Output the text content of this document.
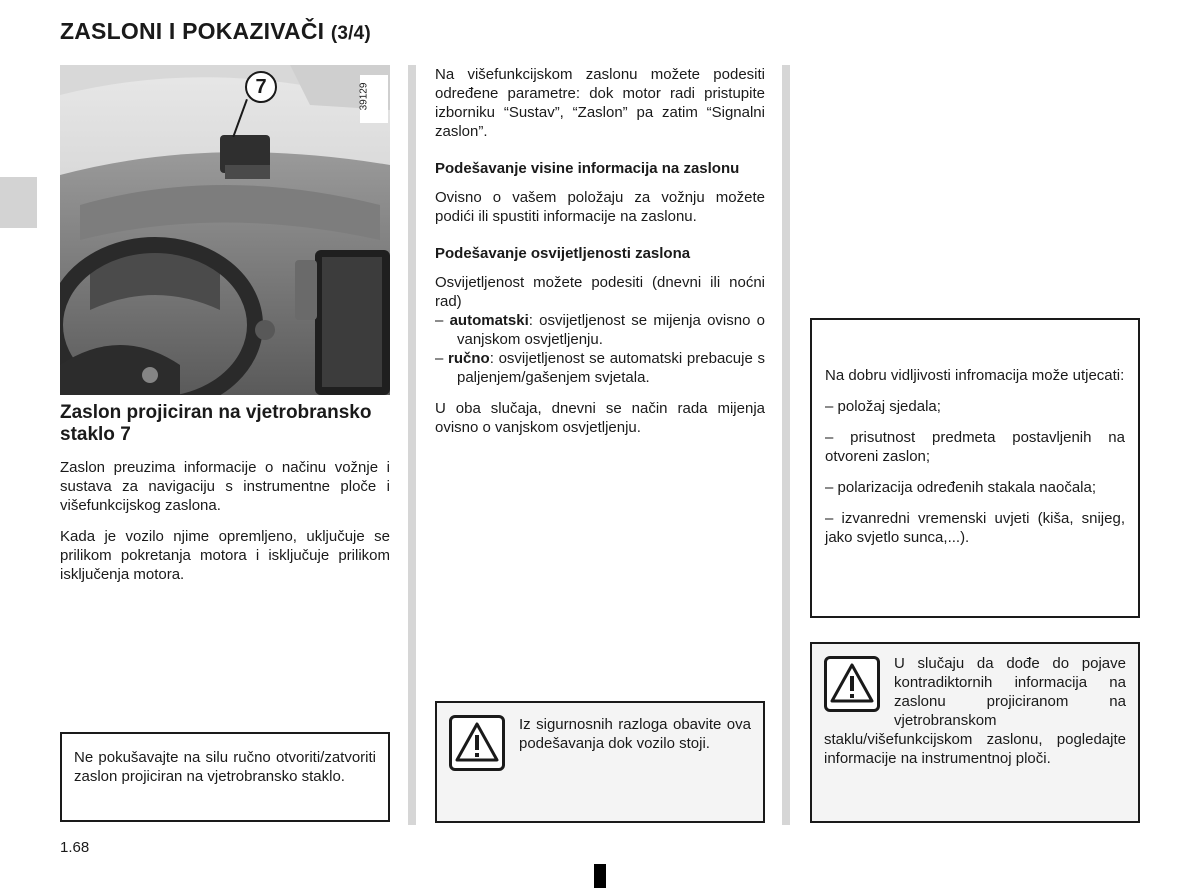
ZASLONI I POKAZIVAČI (3/4)
7	39129
Zaslon projiciran na vjetrobransko staklo 7

Zaslon preuzima informacije o načinu vožnje i sustava za navigaciju s instrumentne ploče i višefunkcijskog zaslona.

Kada je vozilo njime opremljeno, uključuje se prilikom pokretanja motora i isključuje prilikom isključenja motora.

Ne pokušavajte na silu ručno otvoriti/zatvoriti zaslon projiciran na vjetrobransko staklo.

Na višefunkcijskom zaslonu možete podesiti određene parametre: dok motor radi pristupite izborniku “Sustav”, “Zaslon” pa zatim “Signalni zaslon”.

Podešavanje visine informacija na zaslonu

Ovisno o vašem položaju za vožnju možete podići ili spustiti informacije na zaslonu.

Podešavanje osvijetljenosti zaslona

Osvijetljenost možete podesiti (dnevni ili noćni rad)

– automatski: osvijetljenost se mijenja ovisno o vanjskom osvjetljenju.
– ručno: osvijetljenost se automatski prebacuje s paljenjem/gašenjem svjetala.

U oba slučaja, dnevni se način rada mijenja ovisno o vanjskom osvjetljenju.

Iz sigurnosnih razloga obavite ova podešavanja dok vozilo stoji.

Na dobru vidljivosti infromacija može utjecati:

– položaj sjedala;

– prisutnost predmeta postavljenih na otvoreni zaslon;

– polarizacija određenih stakala naočala;

– izvanredni vremenski uvjeti (kiša, snijeg, jako svjetlo sunca,...).

U slučaju da dođe do pojave kontradiktornih informacija na zaslonu projiciranom na vjetrobranskom staklu/višefunkcijskom zaslonu, pogledajte informacije na instrumentnoj ploči.
1.68
